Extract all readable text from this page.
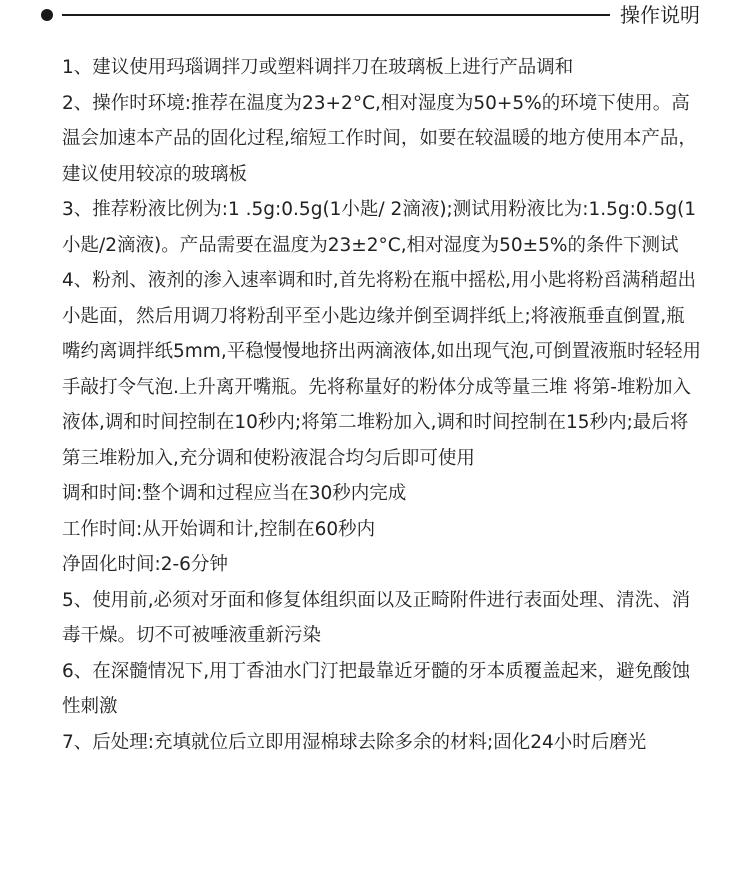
操作说明

1、建议使用玛瑙调拌刀或塑料调拌刀在玻璃板上进行产品调和

2、操作时环境:推荐在温度为23+2°C,相对湿度为50+5%的环境下使用。高温会加速本产品的固化过程,缩短工作时间，如要在较温暖的地方使用本产品，建议使用较凉的玻璃板

3、推荐粉液比例为:1 .5g:0.5g(1小匙/ 2滴液);测试用粉液比为:1.5g:0.5g(1小匙/2滴液)。产品需要在温度为23±2°C,相对湿度为50±5%的条件下测试

4、粉剂、液剂的渗入速率调和时,首先将粉在瓶中摇松,用小匙将粉舀满稍超出小匙面，然后用调刀将粉刮平至小匙边缘并倒至调拌纸上;将液瓶垂直倒置,瓶嘴约离调拌纸5mm,平稳慢慢地挤出两滴液体,如出现气泡,可倒置液瓶时轻轻用手敲打令气泡.上升离开嘴瓶。先将称量好的粉体分成等量三堆 将第-堆粉加入液体,调和时间控制在10秒内;将第二堆粉加入,调和时间控制在15秒内;最后将第三堆粉加入,充分调和使粉液混合均匀后即可使用

调和时间:整个调和过程应当在30秒内完成

工作时间:从开始调和计,控制在60秒内

净固化时间:2-6分钟

5、使用前,必须对牙面和修复体组织面以及正畸附件进行表面处理、清洗、消毒干燥。切不可被唾液重新污染

6、在深髓情况下,用丁香油水门汀把最靠近牙髓的牙本质覆盖起来，避免酸蚀性刺激

7、后处理:充填就位后立即用湿棉球去除多余的材料;固化24小时后磨光
